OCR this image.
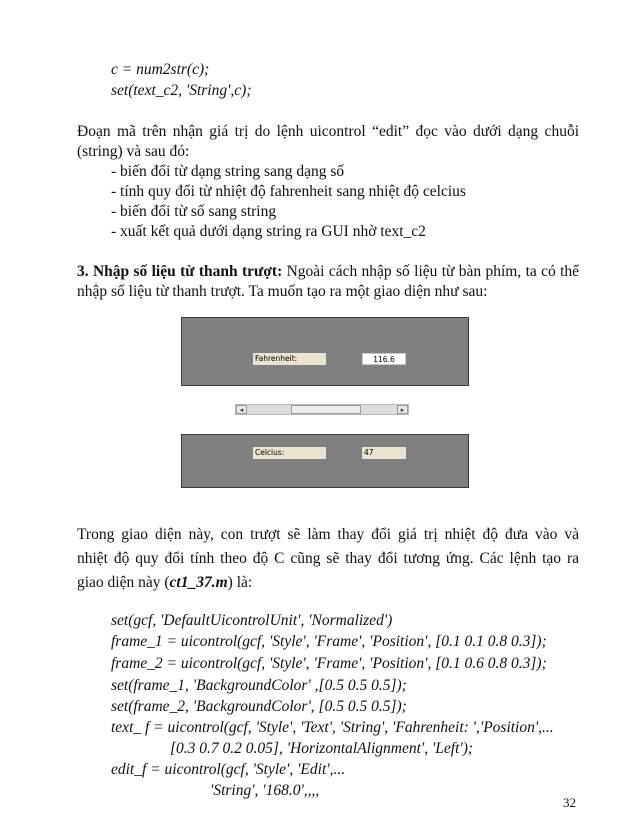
c = num2str(c);
set(text_c2, 'String',c);
Đoạn mã trên nhận giá trị do lệnh uicontrol “edit” đọc vào dưới dạng chuỗi
(string) và sau đó:
- biến đổi từ dạng string sang dạng số
- tính quy đổi từ nhiệt độ fahrenheit sang nhiệt độ celcius
- biến đổi từ số sang string
- xuất kết quả dưới dạng string ra GUI nhờ text_c2
3. Nhập số liệu từ thanh trượt: Ngoài cách nhập số liệu từ bàn phím, ta có thể
nhập số liệu từ thanh trượt. Ta muốn tạo ra một giao diện như sau:
Fahrenheit:	116.6
◂	▸
Celcius:	47
Trong giao diện này, con trượt sẽ làm thay đổi giá trị nhiệt độ đưa vào và
nhiệt độ quy đổi tính theo độ C cũng sẽ thay đổi tương ứng. Các lệnh tạo ra
giao diện này (ct1_37.m) là:
set(gcf, 'DefaultUicontrolUnit', 'Normalized')
frame_1 = uicontrol(gcf, 'Style', 'Frame', 'Position', [0.1 0.1 0.8 0.3]);
frame_2 = uicontrol(gcf, 'Style', 'Frame', 'Position', [0.1 0.6 0.8 0.3]);
set(frame_1, 'BackgroundColor' ,[0.5 0.5 0.5]);
set(frame_2, 'BackgroundColor', [0.5 0.5 0.5]);
text_ f = uicontrol(gcf, 'Style', 'Text', 'String', 'Fahrenheit: ','Position',...
[0.3 0.7 0.2 0.05], 'HorizontalAlignment', 'Left');
edit_f = uicontrol(gcf, 'Style', 'Edit',...
'String', '168.0',,,,
32
